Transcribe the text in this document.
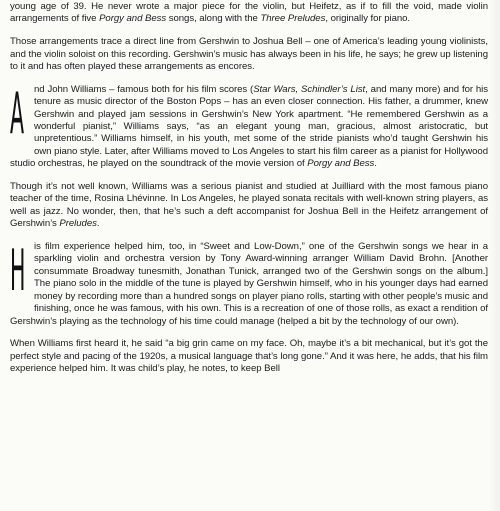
young age of 39. He never wrote a major piece for the violin, but Heifetz, as if to fill the void, made violin arrangements of five Porgy and Bess songs, along with the Three Preludes, originally for piano.

Those arrangements trace a direct line from Gershwin to Joshua Bell – one of America’s leading young violinists, and the violin soloist on this recording. Gershwin’s music has always been in his life, he says; he grew up listening to it and has often played these arrangements as encores.

A nd John Williams – famous both for his film scores (Star Wars, Schindler’s List, and many more) and for his tenure as music director of the Boston Pops – has an even closer connection. His father, a drummer, knew Gershwin and played jam sessions in Gershwin’s New York apartment. “He remembered Gershwin as a wonderful pianist,” Williams says, “as an elegant young man, gracious, almost aristocratic, but unpretentious.” Williams himself, in his youth, met some of the stride pianists who’d taught Gershwin his own piano style. Later, after Williams moved to Los Angeles to start his film career as a pianist for Hollywood studio orchestras, he played on the soundtrack of the movie version of Porgy and Bess.

Though it’s not well known, Williams was a serious pianist and studied at Juilliard with the most famous piano teacher of the time, Rosina Lhévinne. In Los Angeles, he played sonata recitals with well-known string players, as well as jazz. No wonder, then, that he’s such a deft accompanist for Joshua Bell in the Heifetz arrangement of Gershwin’s Preludes.

His film experience helped him, too, in “Sweet and Low-Down,” one of the Gershwin songs we hear in a sparkling violin and orchestra version by Tony Award-winning arranger William David Brohn. [Another consummate Broadway tunesmith, Jonathan Tunick, arranged two of the Gershwin songs on the album.] The piano solo in the middle of the tune is played by Gershwin himself, who in his younger days had earned money by recording more than a hundred songs on player piano rolls, starting with other people’s music and finishing, once he was famous, with his own. This is a recreation of one of those rolls, as exact a rendition of Gershwin’s playing as the technology of his time could manage (helped a bit by the technology of our own).

When Williams first heard it, he said “a big grin came on my face. Oh, maybe it’s a bit mechanical, but it’s got the perfect style and pacing of the 1920s, a musical language that’s long gone.” And it was here, he adds, that his film experience helped him. It was child’s play, he notes, to keep Bell
